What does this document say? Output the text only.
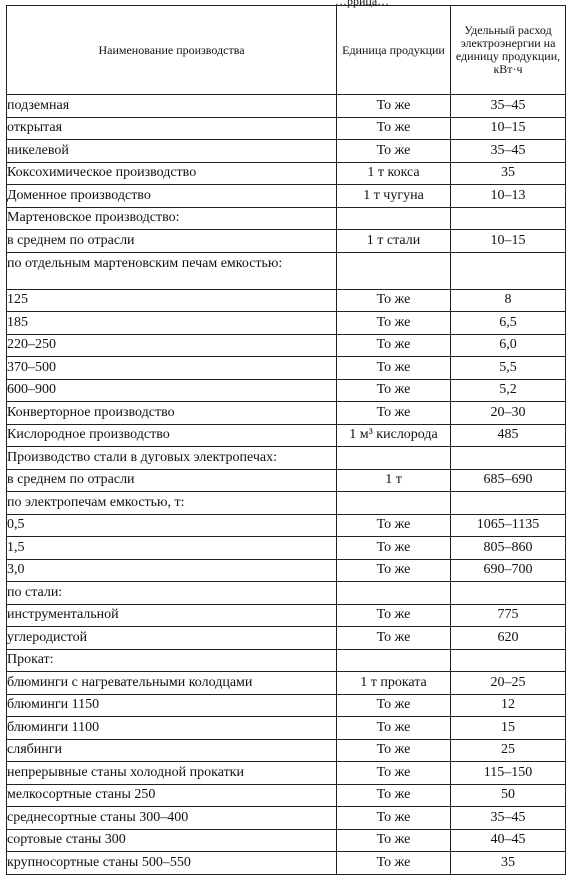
…ррица…
Наименование производства	Единица продукции	Удельный расход электроэнергии на единицу продукции, кВт·ч
подземная	То же	35–45
открытая	То же	10–15
никелевой	То же	35–45
Коксохимическое производство	1 т кокса	35
Доменное производство	1 т чугуна	10–13
Мартеновское производство:		
в среднем по отрасли	1 т стали	10–15
по отдельным мартеновским печам емкостью:		
125	То же	8
185	То же	6,5
220–250	То же	6,0
370–500	То же	5,5
600–900	То же	5,2
Конверторное производство	То же	20–30
Кислородное производство	1 м³ кислорода	485
Производство стали в дуговых электропечах:		
в среднем по отрасли	1 т	685–690
по электропечам емкостью, т:		
0,5	То же	1065–1135
1,5	То же	805–860
3,0	То же	690–700
по стали:		
инструментальной	То же	775
углеродистой	То же	620
Прокат:		
блюминги с нагревательными колодцами	1 т проката	20–25
блюминги 1150	То же	12
блюминги 1100	То же	15
слябинги	То же	25
непрерывные станы холодной прокатки	То же	115–150
мелкосортные станы 250	То же	50
среднесортные станы 300–400	То же	35–45
сортовые станы 300	То же	40–45
крупносортные станы 500–550	То же	35
